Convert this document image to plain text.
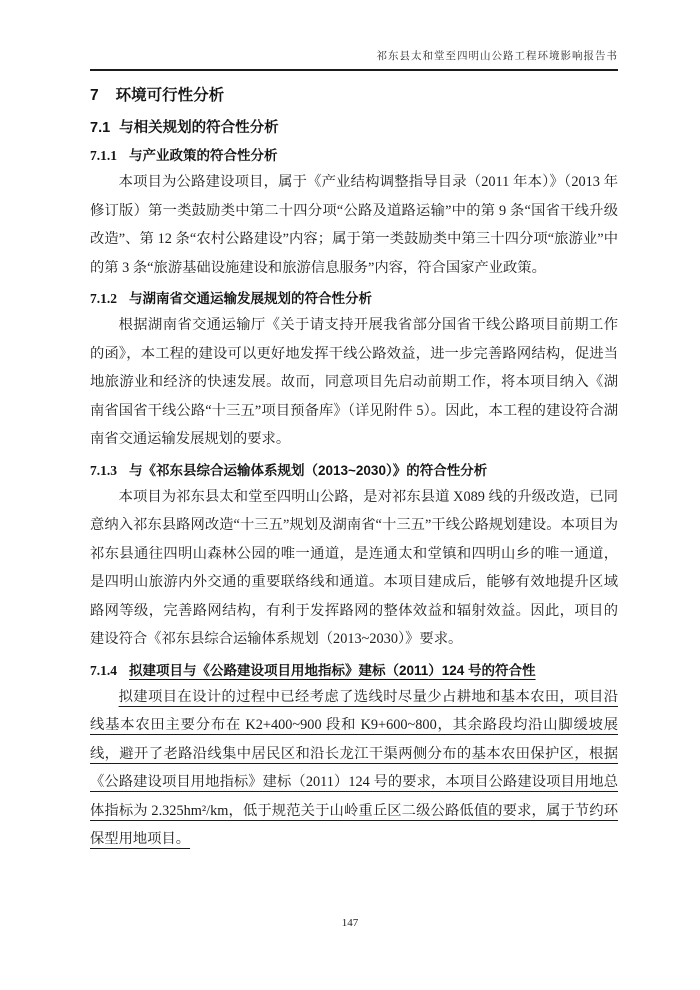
祁东县太和堂至四明山公路工程环境影响报告书
7 环境可行性分析
7.1 与相关规划的符合性分析
7.1.1 与产业政策的符合性分析

本项目为公路建设项目，属于《产业结构调整指导目录（2011 年本）》（2013 年修订版）第一类鼓励类中第二十四分项“公路及道路运输”中的第 9 条“国省干线升级改造”、第 12 条“农村公路建设”内容；属于第一类鼓励类中第三十四分项“旅游业”中的第 3 条“旅游基础设施建设和旅游信息服务”内容，符合国家产业政策。

7.1.2 与湖南省交通运输发展规划的符合性分析

根据湖南省交通运输厅《关于请支持开展我省部分国省干线公路项目前期工作的函》，本工程的建设可以更好地发挥干线公路效益，进一步完善路网结构，促进当地旅游业和经济的快速发展。故而，同意项目先启动前期工作，将本项目纳入《湖南省国省干线公路“十三五”项目预备库》（详见附件 5）。因此，本工程的建设符合湖南省交通运输发展规划的要求。

7.1.3 与《祁东县综合运输体系规划（2013~2030）》的符合性分析

本项目为祁东县太和堂至四明山公路，是对祁东县道 X089 线的升级改造，已同意纳入祁东县路网改造“十三五”规划及湖南省“十三五”干线公路规划建设。本项目为祁东县通往四明山森林公园的唯一通道，是连通太和堂镇和四明山乡的唯一通道，是四明山旅游内外交通的重要联络线和通道。本项目建成后，能够有效地提升区域路网等级，完善路网结构，有利于发挥路网的整体效益和辐射效益。因此，项目的建设符合《祁东县综合运输体系规划（2013~2030）》要求。

7.1.4 拟建项目与《公路建设项目用地指标》建标（2011）124 号的符合性

拟建项目在设计的过程中已经考虑了选线时尽量少占耕地和基本农田，项目沿线基本农田主要分布在 K2+400~900 段和 K9+600~800，其余路段均沿山脚缓坡展线，避开了老路沿线集中居民区和沿长龙江干渠两侧分布的基本农田保护区，根据《公路建设项目用地指标》建标（2011）124 号的要求，本项目公路建设项目用地总体指标为 2.325hm²/km，低于规范关于山岭重丘区二级公路低值的要求，属于节约环保型用地项目。

147
